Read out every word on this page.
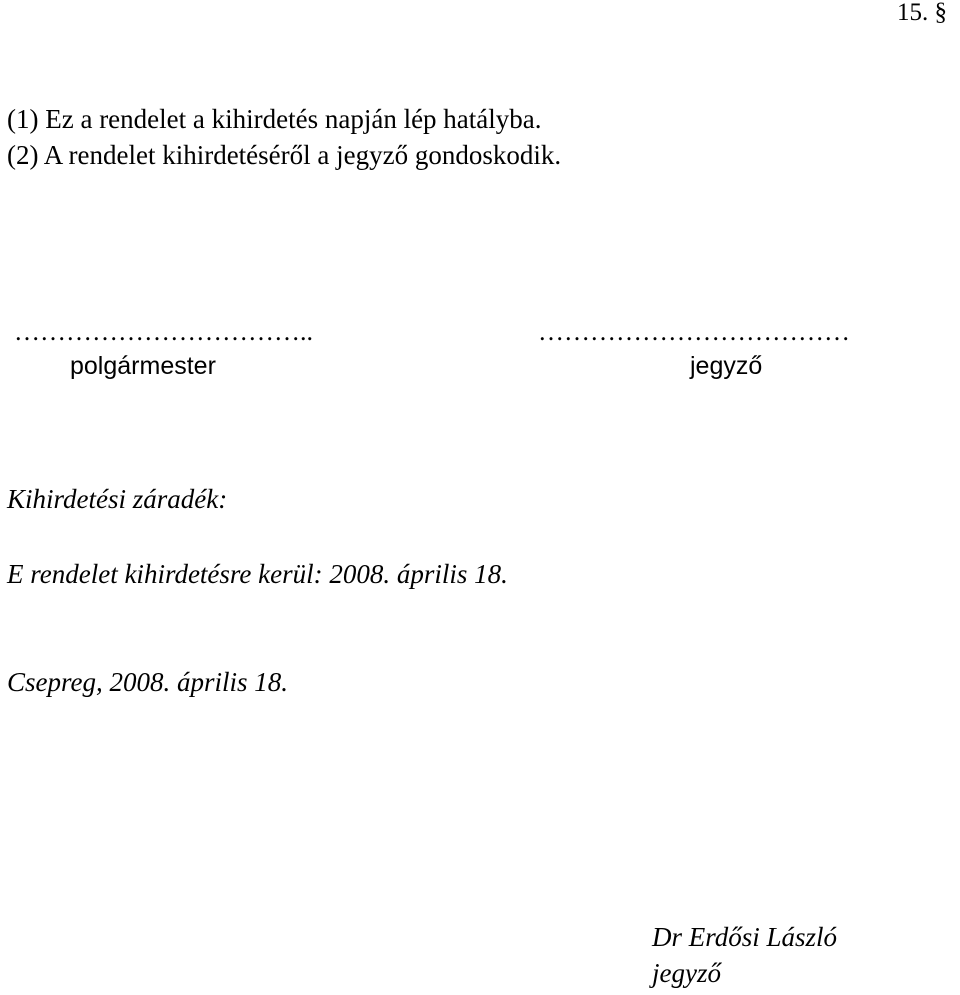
15. §
(1) Ez a rendelet a kihirdetés napján lép hatályba.
(2) A rendelet kihirdetéséről a jegyző gondoskodik.
……………………………..	………………………………
polgármester	jegyző
Kihirdetési záradék:
E rendelet kihirdetésre kerül: 2008. április 18.
Csepreg, 2008. április 18.
Dr Erdősi László
jegyző
